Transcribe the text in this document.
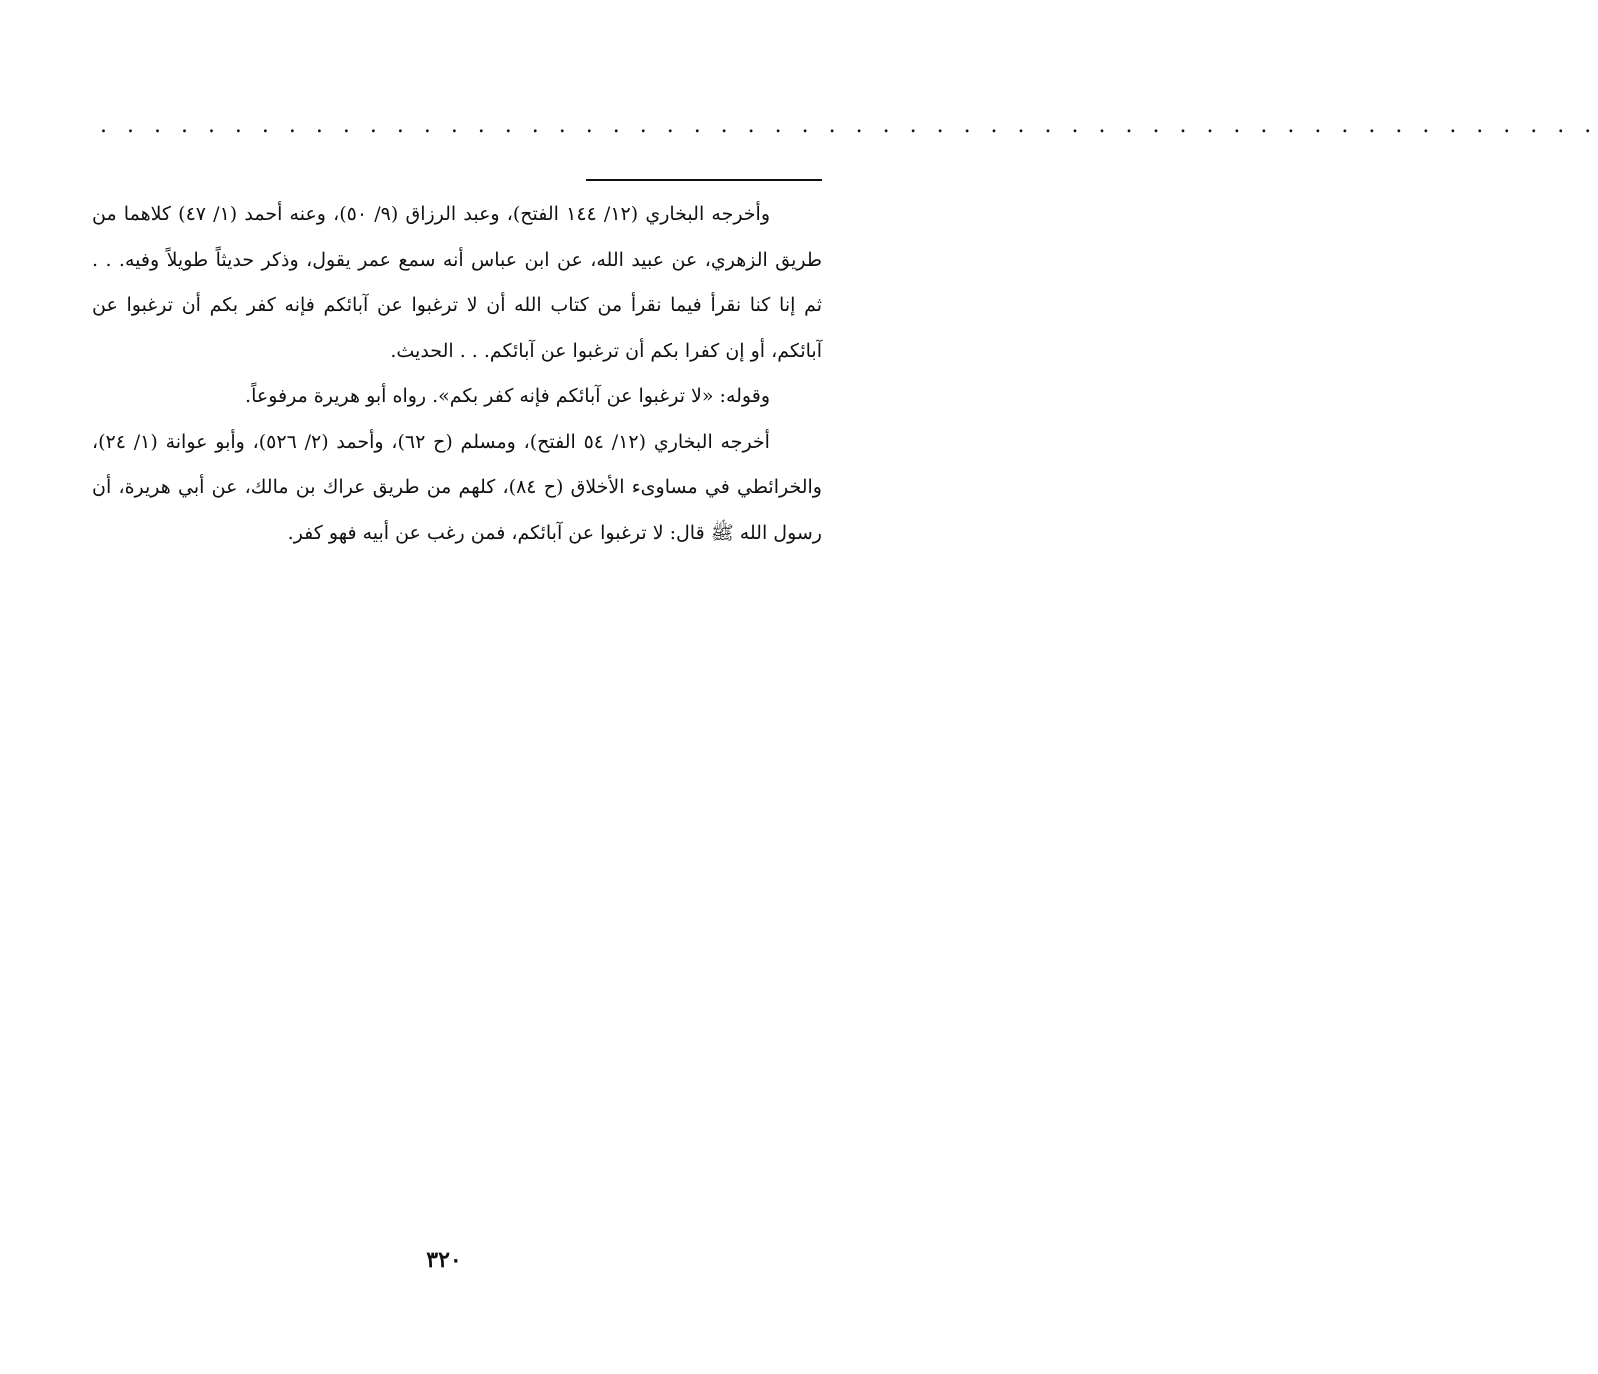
. . . . . . . . . . . . . . . . . . . . . . . . . . . . . . . . . . . . . . . . . . . . . . . . . . . . . . . .

وأخرجه البخاري (١٢/ ١٤٤ الفتح)، وعبد الرزاق (٩/ ٥٠)، وعنه أحمد (١/ ٤٧) كلاهما من طريق الزهري، عن عبيد الله، عن ابن عباس أنه سمع عمر يقول، وذكر حديثاً طويلاً وفيه. . . ثم إنا كنا نقرأ فيما نقرأ من كتاب الله أن لا ترغبوا عن آبائكم فإنه كفر بكم أن ترغبوا عن آبائكم، أو إن كفرا بكم أن ترغبوا عن آبائكم. . . الحديث.

وقوله: «لا ترغبوا عن آبائكم فإنه كفر بكم». رواه أبو هريرة مرفوعاً.

أخرجه البخاري (١٢/ ٥٤ الفتح)، ومسلم (ح ٦٢)، وأحمد (٢/ ٥٢٦)، وأبو عوانة (١/ ٢٤)، والخرائطي في مساوىء الأخلاق (ح ٨٤)، كلهم من طريق عراك بن مالك، عن أبي هريرة، أن رسول الله ﷺ قال: لا ترغبوا عن آبائكم، فمن رغب عن أبيه فهو كفر.

٣٢٠
